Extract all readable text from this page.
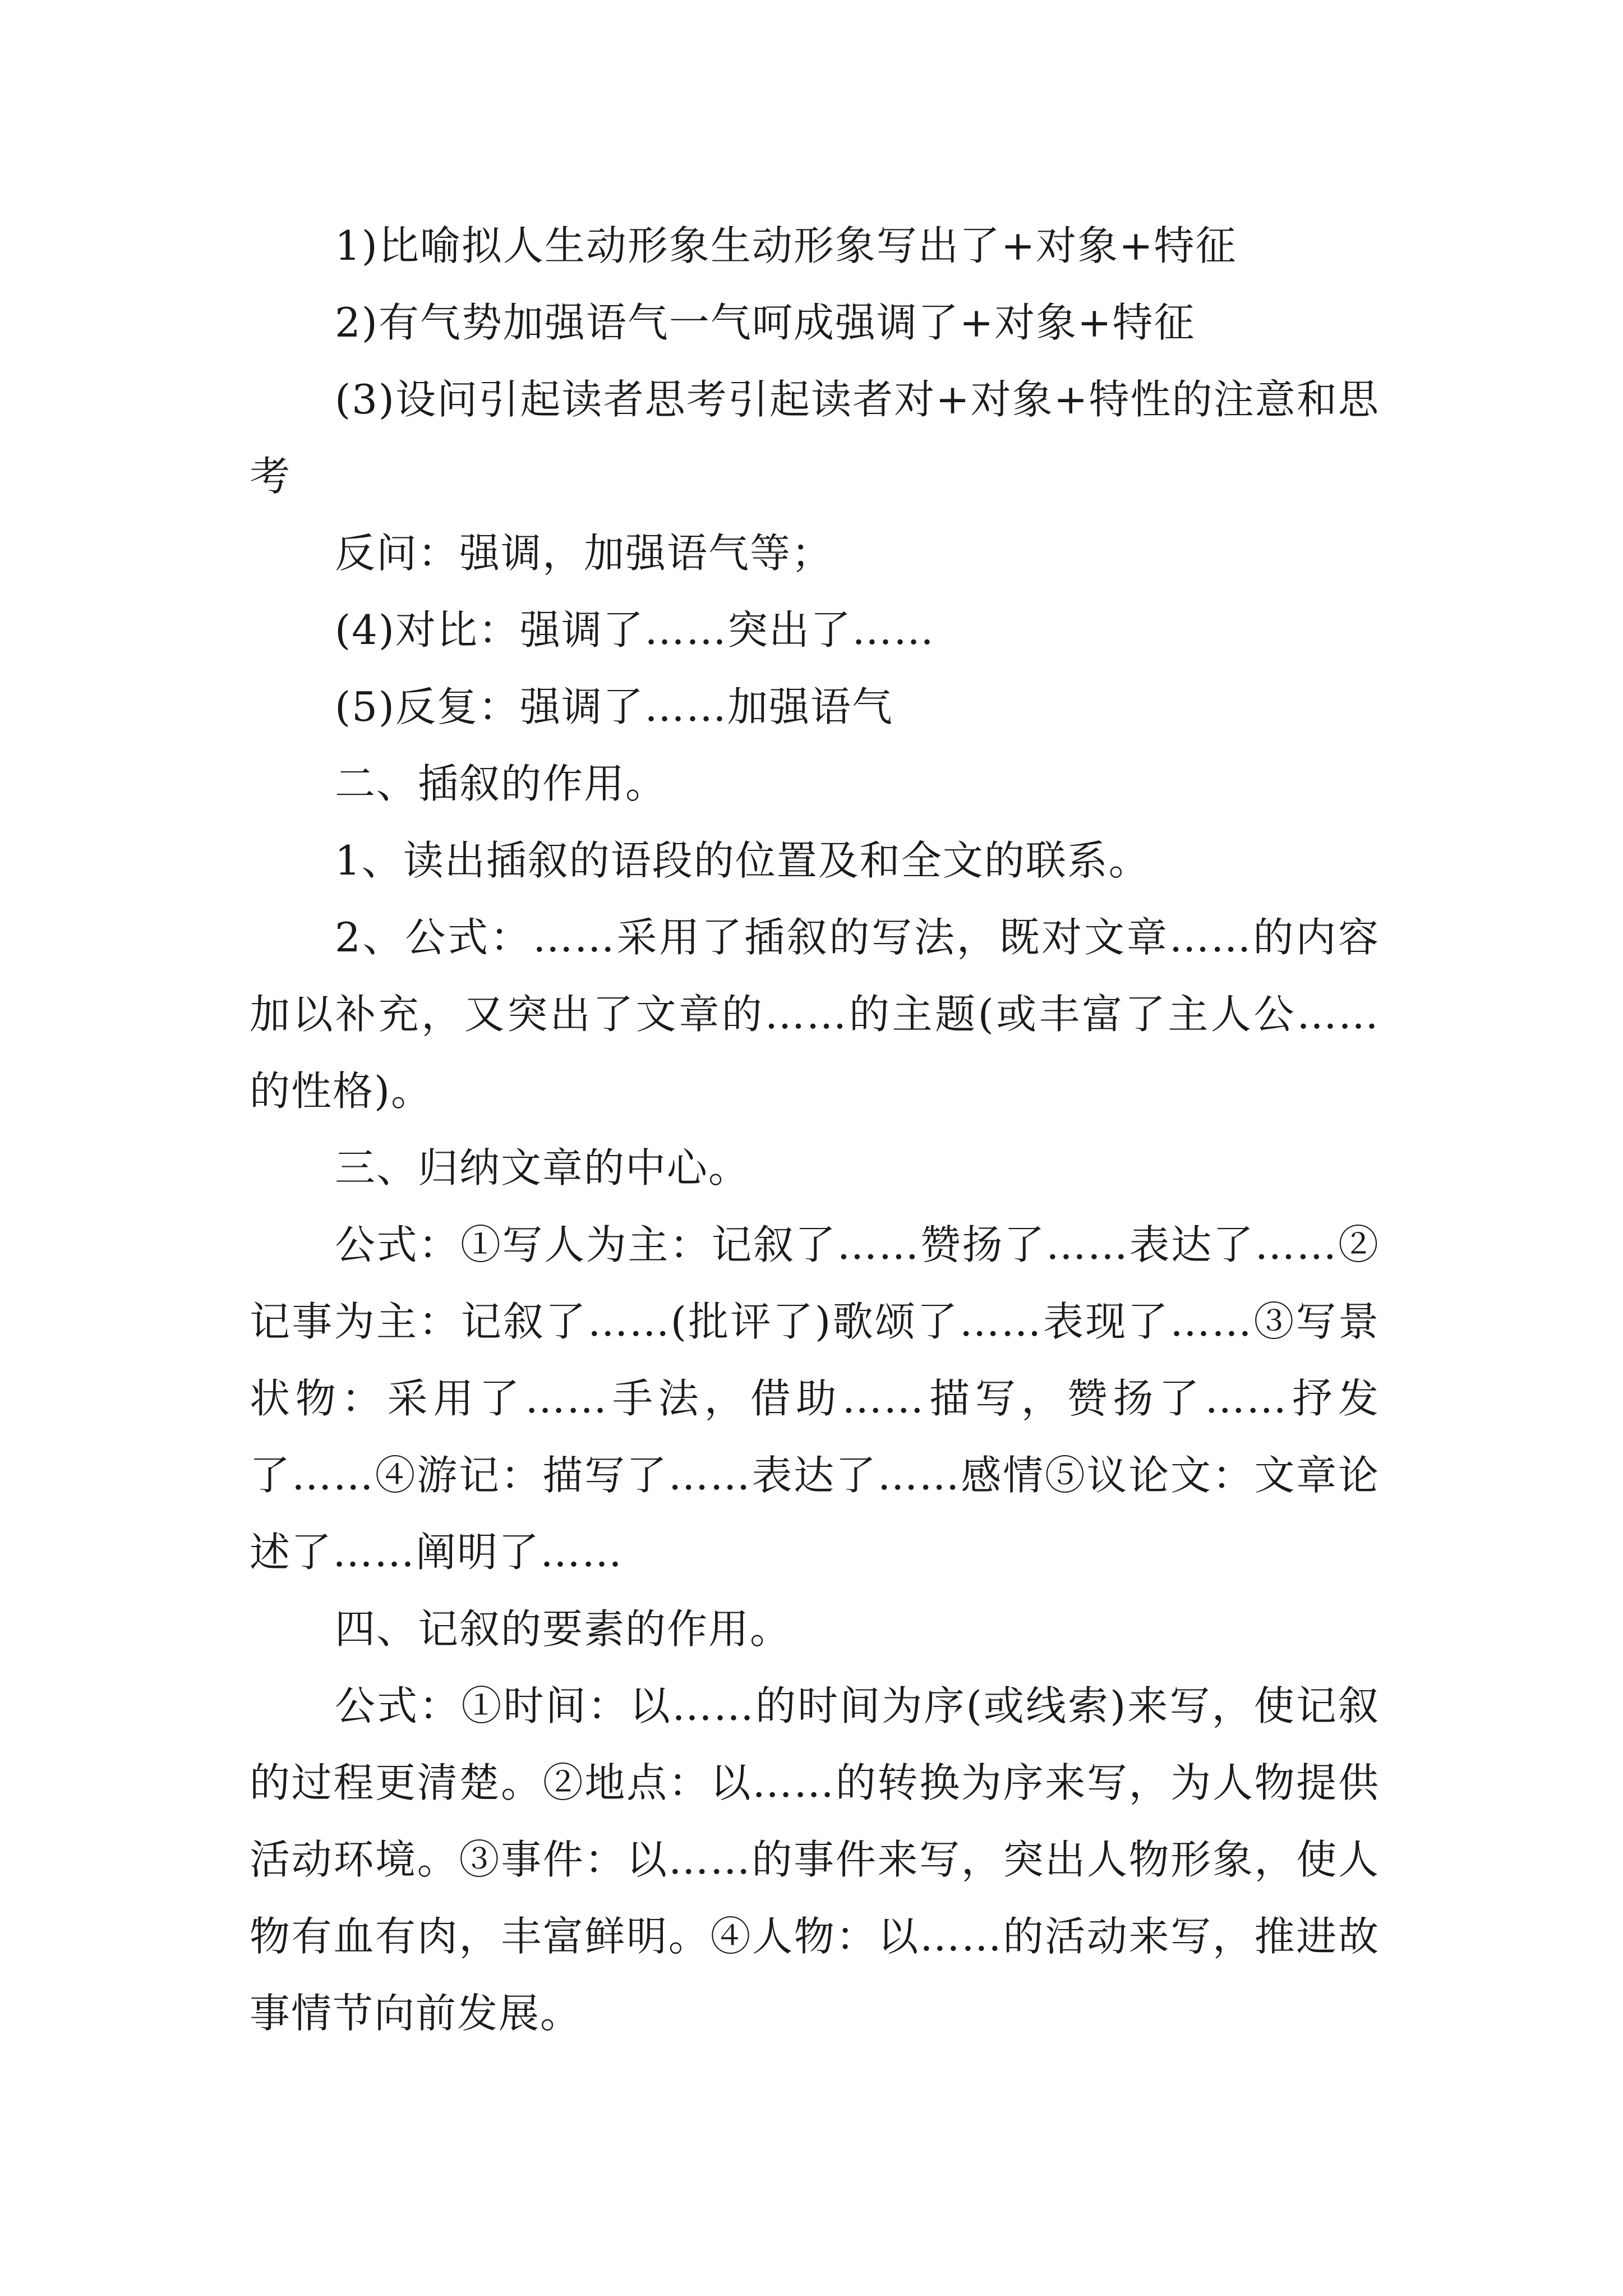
1)比喻拟人生动形象生动形象写出了+对象+特征

2)有气势加强语气一气呵成强调了+对象+特征

(3)设问引起读者思考引起读者对+对象+特性的注意和思考

反问：强调，加强语气等；

(4)对比：强调了……突出了……

(5)反复：强调了……加强语气

二、插叙的作用。

1、读出插叙的语段的位置及和全文的联系。

2、公式：……采用了插叙的写法，既对文章……的内容加以补充，又突出了文章的……的主题(或丰富了主人公……的性格)。

三、归纳文章的中心。

公式：①写人为主：记叙了……赞扬了……表达了……②记事为主：记叙了……(批评了)歌颂了……表现了……③写景状物：采用了……手法，借助……描写，赞扬了……抒发了……④游记：描写了……表达了……感情⑤议论文：文章论述了……阐明了……

四、记叙的要素的作用。

公式：①时间：以……的时间为序(或线索)来写，使记叙的过程更清楚。②地点：以……的转换为序来写，为人物提供活动环境。③事件：以……的事件来写，突出人物形象，使人物有血有肉，丰富鲜明。④人物：以……的活动来写，推进故事情节向前发展。
